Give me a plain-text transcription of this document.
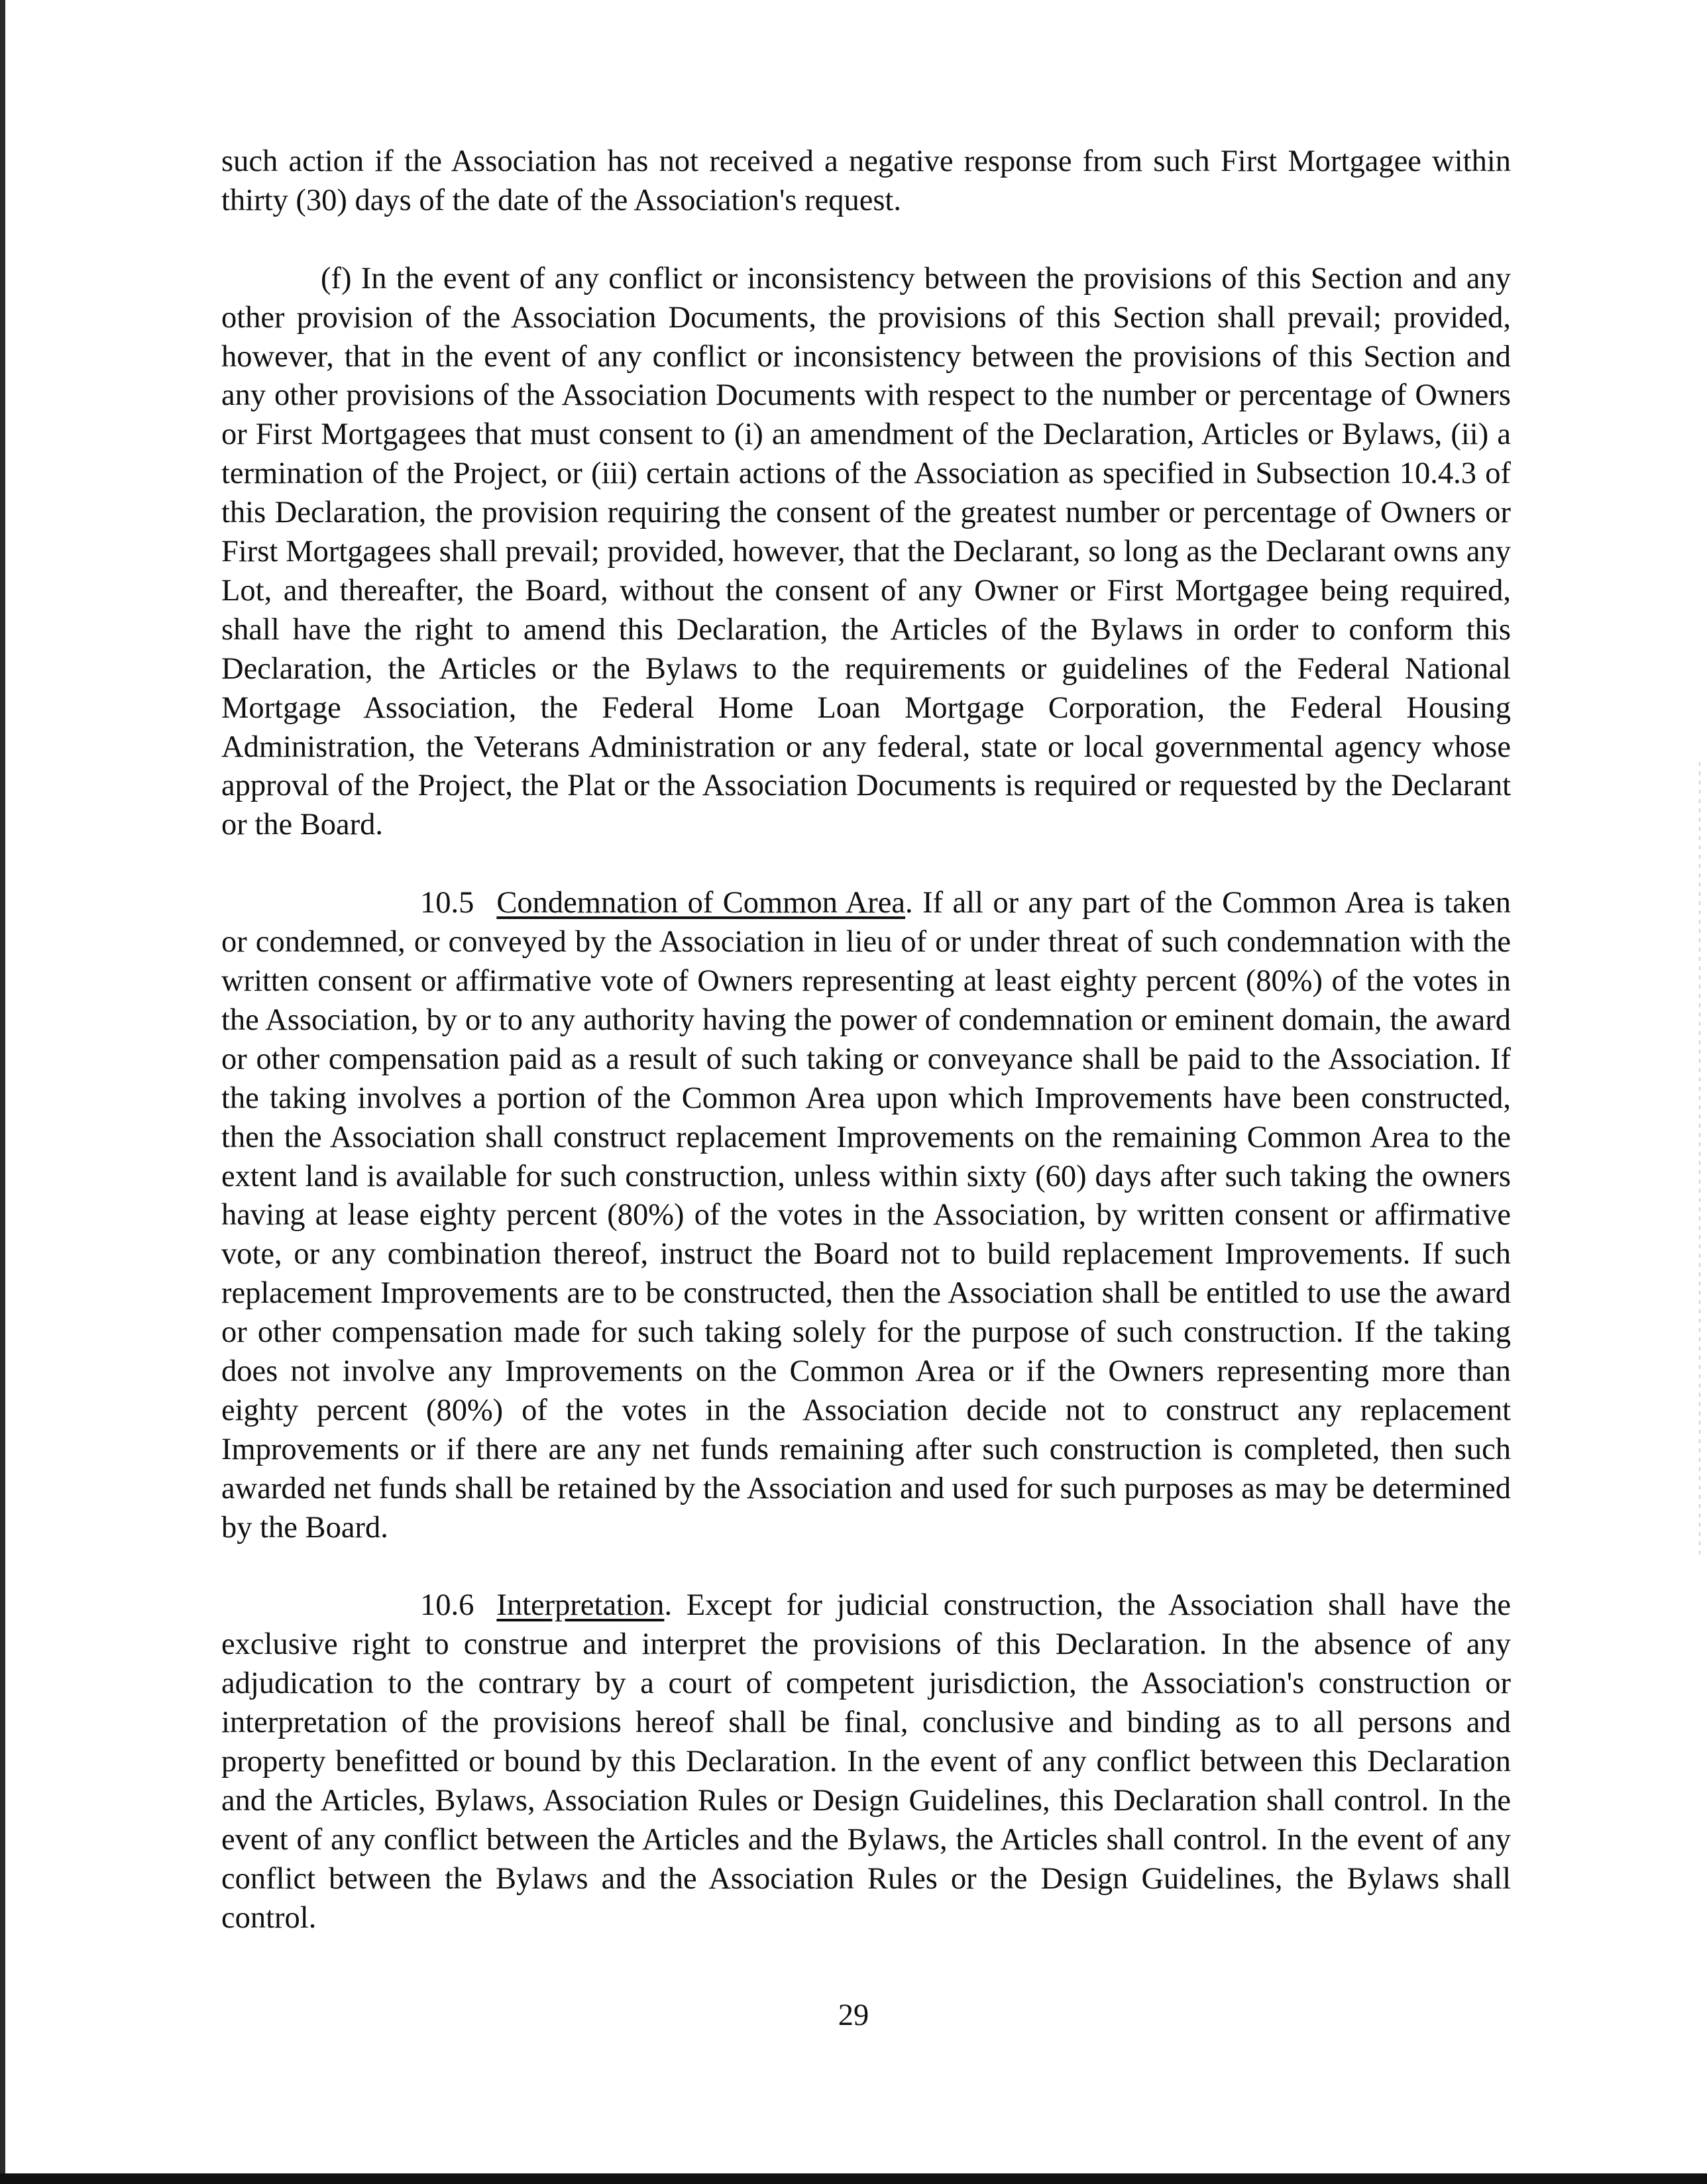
such action if the Association has not received a negative response from such First Mortgagee within thirty (30) days of the date of the Association's request.

(f) In the event of any conflict or inconsistency between the provisions of this Section and any other provision of the Association Documents, the provisions of this Section shall prevail; provided, however, that in the event of any conflict or inconsistency between the provisions of this Section and any other provisions of the Association Documents with respect to the number or percentage of Owners or First Mortgagees that must consent to (i) an amendment of the Declaration, Articles or Bylaws, (ii) a termination of the Project, or (iii) certain actions of the Association as specified in Subsection 10.4.3 of this Declaration, the provision requiring the consent of the greatest number or percentage of Owners or First Mortgagees shall prevail; provided, however, that the Declarant, so long as the Declarant owns any Lot, and thereafter, the Board, without the consent of any Owner or First Mortgagee being required, shall have the right to amend this Declaration, the Articles of the Bylaws in order to conform this Declaration, the Articles or the Bylaws to the requirements or guidelines of the Federal National Mortgage Association, the Federal Home Loan Mortgage Corporation, the Federal Housing Administration, the Veterans Administration or any federal, state or local governmental agency whose approval of the Project, the Plat or the Association Documents is required or requested by the Declarant or the Board.

10.5 Condemnation of Common Area. If all or any part of the Common Area is taken or condemned, or conveyed by the Association in lieu of or under threat of such condemnation with the written consent or affirmative vote of Owners representing at least eighty percent (80%) of the votes in the Association, by or to any authority having the power of condemnation or eminent domain, the award or other compensation paid as a result of such taking or conveyance shall be paid to the Association. If the taking involves a portion of the Common Area upon which Improvements have been constructed, then the Association shall construct replacement Improvements on the remaining Common Area to the extent land is available for such construction, unless within sixty (60) days after such taking the owners having at lease eighty percent (80%) of the votes in the Association, by written consent or affirmative vote, or any combination thereof, instruct the Board not to build replacement Improvements. If such replacement Improvements are to be constructed, then the Association shall be entitled to use the award or other compensation made for such taking solely for the purpose of such construction. If the taking does not involve any Improvements on the Common Area or if the Owners representing more than eighty percent (80%) of the votes in the Association decide not to construct any replacement Improvements or if there are any net funds remaining after such construction is completed, then such awarded net funds shall be retained by the Association and used for such purposes as may be determined by the Board.

10.6 Interpretation. Except for judicial construction, the Association shall have the exclusive right to construe and interpret the provisions of this Declaration. In the absence of any adjudication to the contrary by a court of competent jurisdiction, the Association's construction or interpretation of the provisions hereof shall be final, conclusive and binding as to all persons and property benefitted or bound by this Declaration. In the event of any conflict between this Declaration and the Articles, Bylaws, Association Rules or Design Guidelines, this Declaration shall control. In the event of any conflict between the Articles and the Bylaws, the Articles shall control. In the event of any conflict between the Bylaws and the Association Rules or the Design Guidelines, the Bylaws shall control.

29
